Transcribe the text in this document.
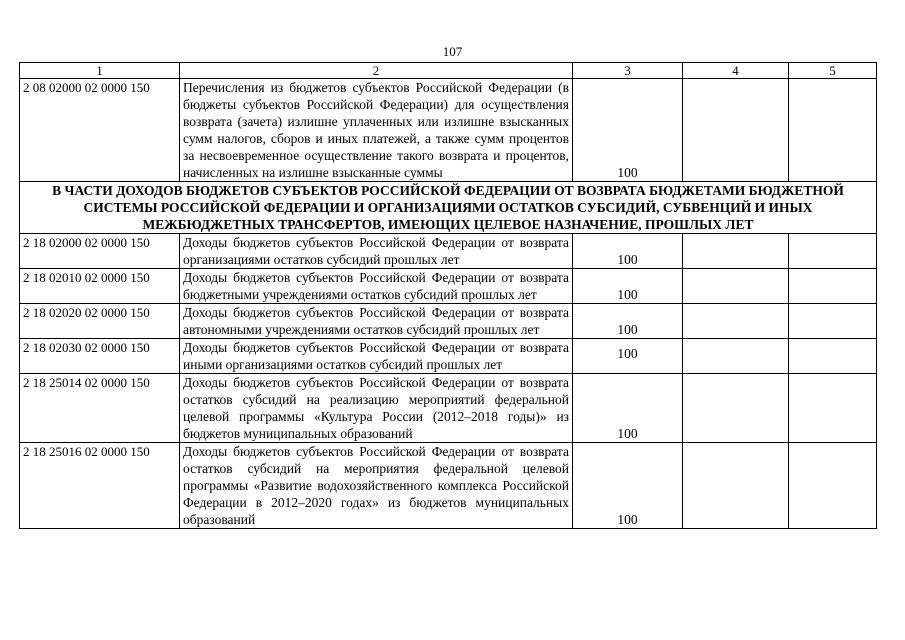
107
1	2	3	4	5
2 08 02000 02 0000 150	Перечисления из бюджетов субъектов Российской Федерации (в бюджеты субъектов Российской Федерации) для осуществления возврата (зачета) излишне уплаченных или излишне взысканных сумм налогов, сборов и иных платежей, а также сумм процентов за несвоевременное осуществление такого возврата и процентов, начисленных на излишне взысканные суммы	100		
В ЧАСТИ ДОХОДОВ БЮДЖЕТОВ СУБЪЕКТОВ РОССИЙСКОЙ ФЕДЕРАЦИИ ОТ ВОЗВРАТА БЮДЖЕТАМИ БЮДЖЕТНОЙ СИСТЕМЫ РОССИЙСКОЙ ФЕДЕРАЦИИ И ОРГАНИЗАЦИЯМИ ОСТАТКОВ СУБСИДИЙ, СУБВЕНЦИЙ И ИНЫХ МЕЖБЮДЖЕТНЫХ ТРАНСФЕРТОВ, ИМЕЮЩИХ ЦЕЛЕВОЕ НАЗНАЧЕНИЕ, ПРОШЛЫХ ЛЕТ				
2 18 02000 02 0000 150	Доходы бюджетов субъектов Российской Федерации от возврата организациями остатков субсидий прошлых лет	100		
2 18 02010 02 0000 150	Доходы бюджетов субъектов Российской Федерации от возврата бюджетными учреждениями остатков субсидий прошлых лет	100		
2 18 02020 02 0000 150	Доходы бюджетов субъектов Российской Федерации от возврата автономными учреждениями остатков субсидий прошлых лет	100		
2 18 02030 02 0000 150	Доходы бюджетов субъектов Российской Федерации от возврата иными организациями остатков субсидий прошлых лет	100		
2 18 25014 02 0000 150	Доходы бюджетов субъектов Российской Федерации от возврата остатков субсидий на реализацию мероприятий федеральной целевой программы «Культура России (2012–2018 годы)» из бюджетов муниципальных образований	100		
2 18 25016 02 0000 150	Доходы бюджетов субъектов Российской Федерации от возврата остатков субсидий на мероприятия федеральной целевой программы «Развитие водохозяйственного комплекса Российской Федерации в 2012–2020 годах» из бюджетов муниципальных образований	100		
